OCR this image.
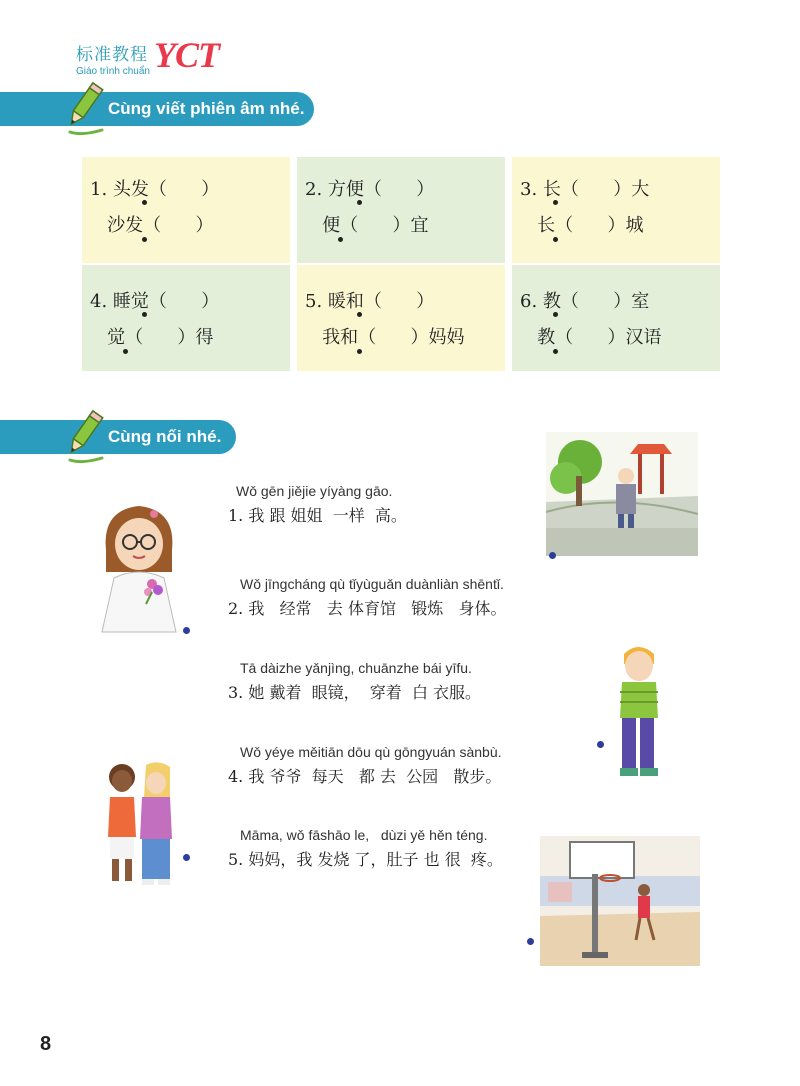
标准教程
Giáo trình chuẩn YCT
Cùng viết phiên âm nhé.
1. 头发（      ）
沙发（      ）
2. 方便（      ）
便（      ）宜
3. 长（      ）大
长（      ）城
4. 睡觉（      ）
觉（      ）得
5. 暖和（      ）
我和（      ）妈妈
6. 教（      ）室
教（      ）汉语
Cùng nối nhé.
Wǒ gēn jiějie yíyàng gāo.
1. 我 跟 姐姐  一样  高。
Wǒ jīngcháng qù tǐyùguǎn duànliàn shēntǐ.
2. 我   经常   去 体育馆   锻炼   身体。
Tā dàizhe yǎnjìng, chuānzhe bái yīfu.
3. 她 戴着  眼镜，  穿着  白 衣服。
Wǒ yéye měitiān dōu qù gōngyuán sànbù.
4. 我 爷爷  每天   都 去  公园   散步。
Māma, wǒ fāshāo le,   dùzi yě hěn téng.
5. 妈妈，我 发烧 了，肚子 也 很  疼。
8
